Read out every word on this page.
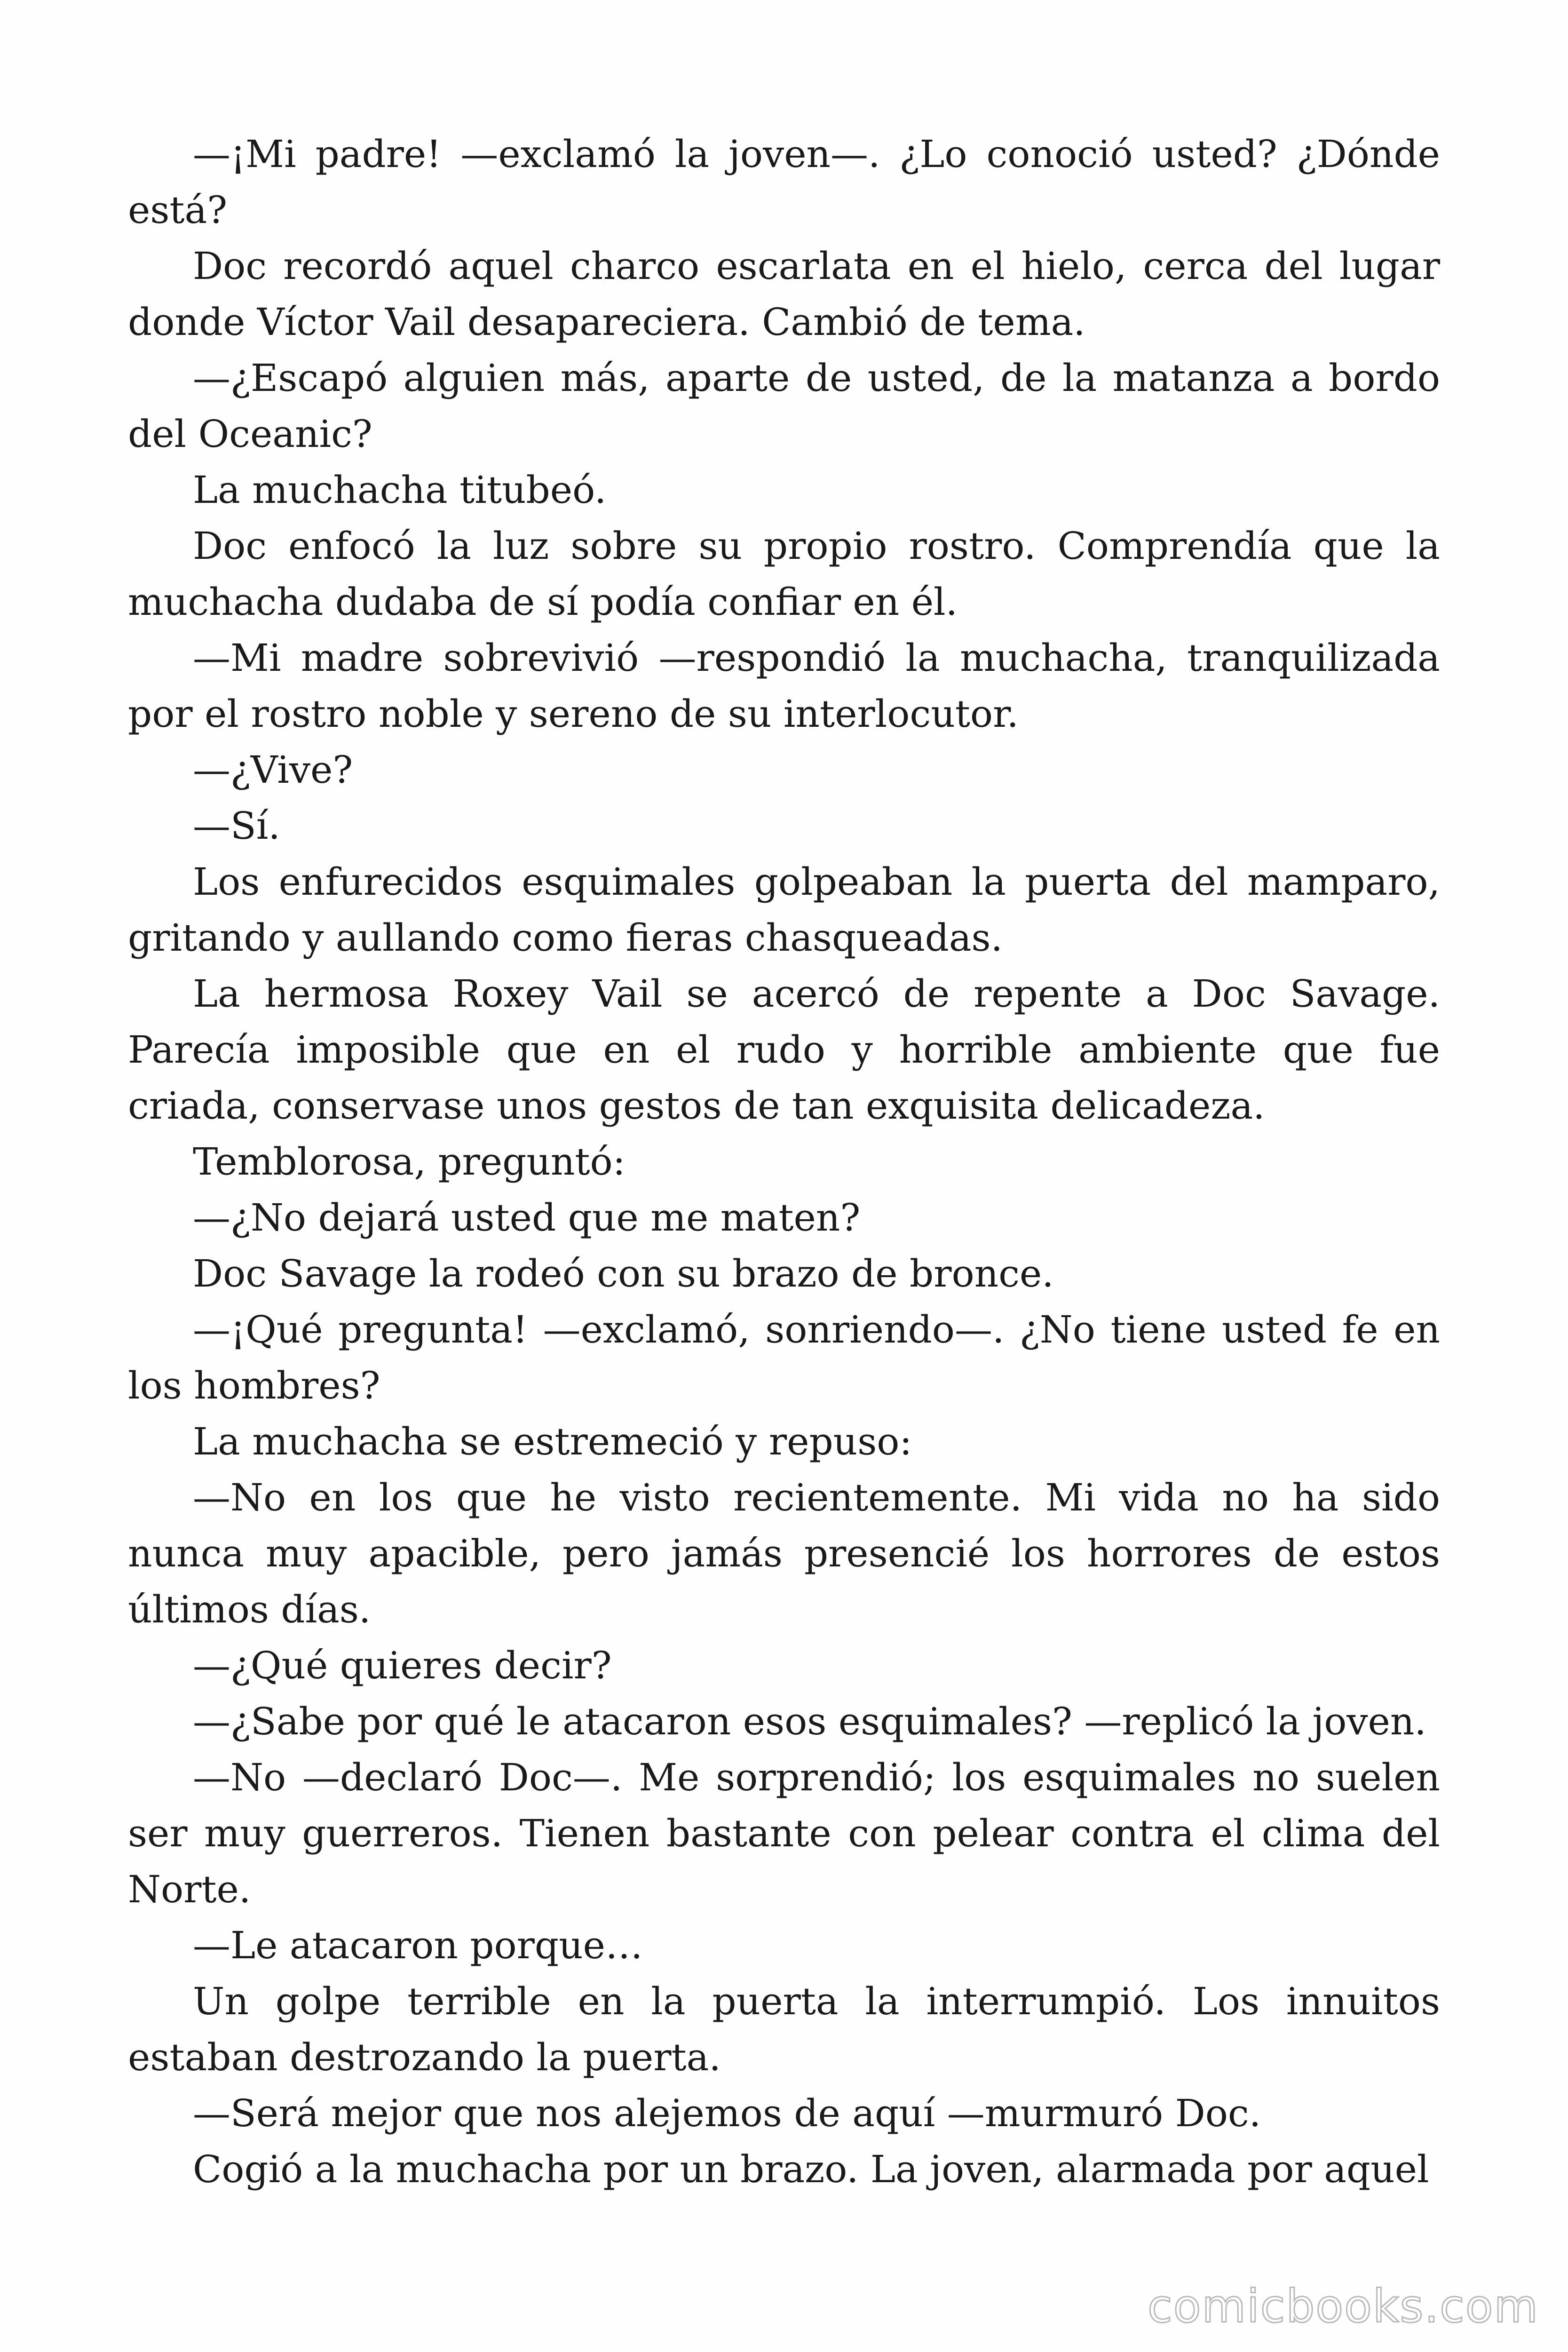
—¡Mi padre! —exclamó la joven—. ¿Lo conoció usted? ¿Dónde está?

Doc recordó aquel charco escarlata en el hielo, cerca del lugar donde Víctor Vail desapareciera. Cambió de tema.

—¿Escapó alguien más, aparte de usted, de la matanza a bordo del Oceanic?

La muchacha titubeó.

Doc enfocó la luz sobre su propio rostro. Comprendía que la muchacha dudaba de sí podía confiar en él.

—Mi madre sobrevivió —respondió la muchacha, tranquilizada por el rostro noble y sereno de su interlocutor.

—¿Vive?

—Sí.

Los enfurecidos esquimales golpeaban la puerta del mamparo, gritando y aullando como fieras chasqueadas.

La hermosa Roxey Vail se acercó de repente a Doc Savage. Parecía imposible que en el rudo y horrible ambiente que fue criada, conservase unos gestos de tan exquisita delicadeza.

Temblorosa, preguntó:

—¿No dejará usted que me maten?

Doc Savage la rodeó con su brazo de bronce.

—¡Qué pregunta! —exclamó, sonriendo—. ¿No tiene usted fe en los hombres?

La muchacha se estremeció y repuso:

—No en los que he visto recientemente. Mi vida no ha sido nunca muy apacible, pero jamás presencié los horrores de estos últimos días.

—¿Qué quieres decir?

—¿Sabe por qué le atacaron esos esquimales? —replicó la joven.

—No —declaró Doc—. Me sorprendió; los esquimales no suelen ser muy guerreros. Tienen bastante con pelear contra el clima del Norte.

—Le atacaron porque…

Un golpe terrible en la puerta la interrumpió. Los innuitos estaban destrozando la puerta.

—Será mejor que nos alejemos de aquí —murmuró Doc.

Cogió a la muchacha por un brazo. La joven, alarmada por aquel

comicbooks.com
